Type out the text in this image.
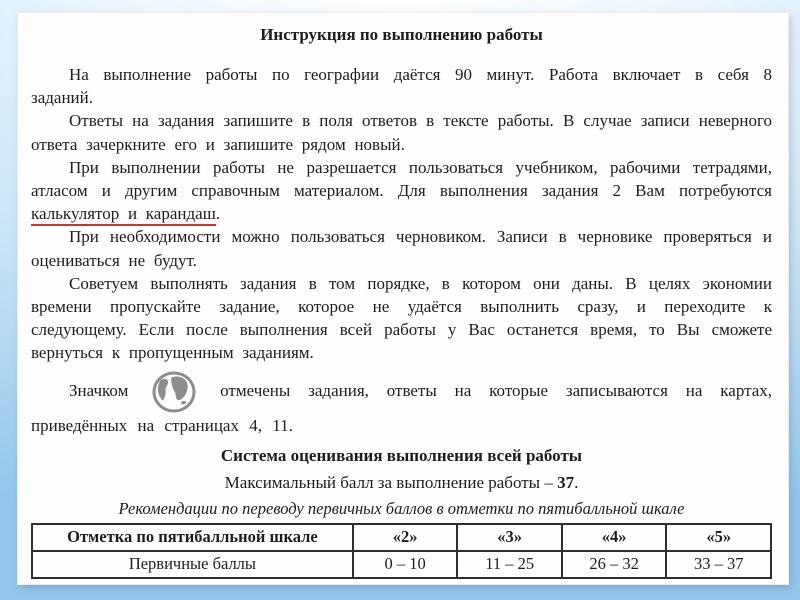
Инструкция по выполнению работы

На выполнение работы по географии даётся 90 минут. Работа включает в себя 8 заданий.

Ответы на задания запишите в поля ответов в тексте работы. В случае записи неверного ответа зачеркните его и запишите рядом новый.

При выполнении работы не разрешается пользоваться учебником, рабочими тетрадями, атласом и другим справочным материалом. Для выполнения задания 2 Вам потребуются калькулятор и карандаш.

При необходимости можно пользоваться черновиком. Записи в черновике проверяться и оцениваться не будут.

Советуем выполнять задания в том порядке, в котором они даны. В целях экономии времени пропускайте задание, которое не удаётся выполнить сразу, и переходите к следующему. Если после выполнения всей работы у Вас останется время, то Вы сможете вернуться к пропущенным заданиям.

Значком	отмечены задания, ответы на которые записываются на картах, приведённых на страницах 4, 11.

Система оценивания выполнения всей работы

Максимальный балл за выполнение работы – 37.

Рекомендации по переводу первичных баллов в отметки по пятибалльной шкале

Отметка по пятибалльной шкале	«2»	«3»	«4»	«5»
Первичные баллы	0 – 10	11 – 25	26 – 32	33 – 37
